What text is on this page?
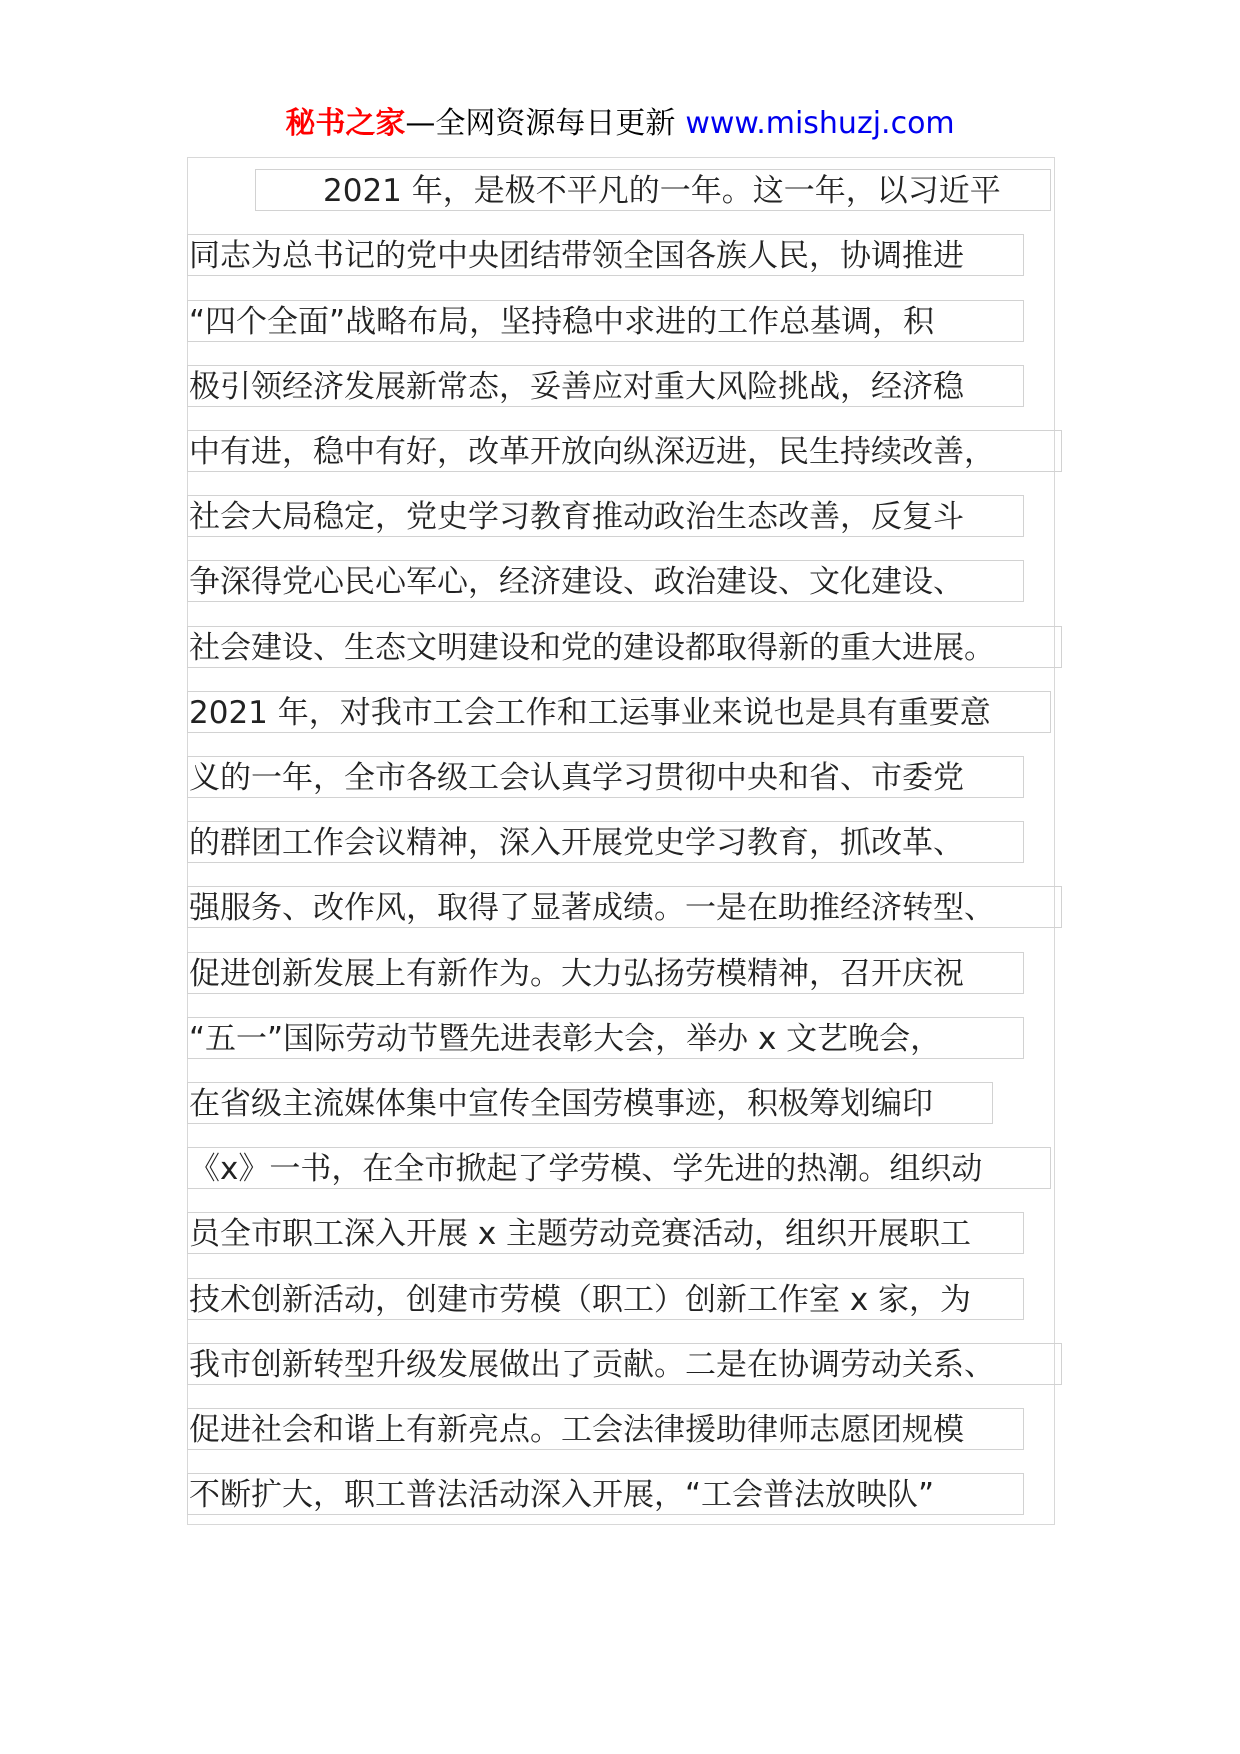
秘书之家—全网资源每日更新 www.mishuzj.com
2021 年，是极不平凡的一年。这一年，以习近平
同志为总书记的党中央团结带领全国各族人民，协调推进
“四个全面”战略布局，坚持稳中求进的工作总基调，积
极引领经济发展新常态，妥善应对重大风险挑战，经济稳
中有进，稳中有好，改革开放向纵深迈进，民生持续改善，
社会大局稳定，党史学习教育推动政治生态改善，反复斗
争深得党心民心军心，经济建设、政治建设、文化建设、
社会建设、生态文明建设和党的建设都取得新的重大进展。
2021 年，对我市工会工作和工运事业来说也是具有重要意
义的一年，全市各级工会认真学习贯彻中央和省、市委党
的群团工作会议精神，深入开展党史学习教育，抓改革、
强服务、改作风，取得了显著成绩。一是在助推经济转型、
促进创新发展上有新作为。大力弘扬劳模精神，召开庆祝
“五一”国际劳动节暨先进表彰大会，举办 x 文艺晚会，
在省级主流媒体集中宣传全国劳模事迹，积极筹划编印
《x》一书，在全市掀起了学劳模、学先进的热潮。组织动
员全市职工深入开展 x 主题劳动竞赛活动，组织开展职工
技术创新活动，创建市劳模（职工）创新工作室 x 家，为
我市创新转型升级发展做出了贡献。二是在协调劳动关系、
促进社会和谐上有新亮点。工会法律援助律师志愿团规模
不断扩大，职工普法活动深入开展，“工会普法放映队”
